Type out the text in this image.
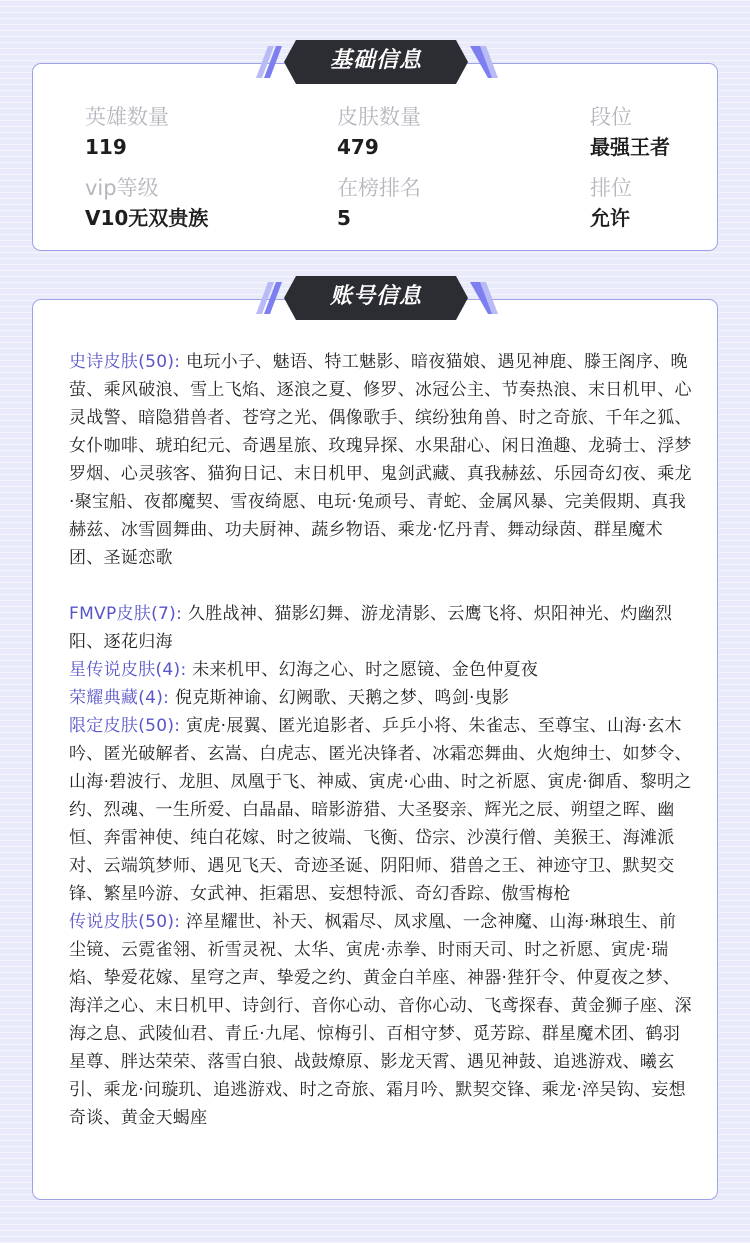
英雄数量
119
皮肤数量
479
段位
最强王者
vip等级
V10无双贵族
在榜排名
5
排位
允许
基础信息
史诗皮肤(50): 电玩小子、魅语、特工魅影、暗夜猫娘、遇见神鹿、滕王阁序、晚萤、乘风破浪、雪上飞焰、逐浪之夏、修罗、冰冠公主、节奏热浪、末日机甲、心灵战警、暗隐猎兽者、苍穹之光、偶像歌手、缤纷独角兽、时之奇旅、千年之狐、女仆咖啡、琥珀纪元、奇遇星旅、玫瑰异探、水果甜心、闲日渔趣、龙骑士、浮梦罗烟、心灵骇客、猫狗日记、末日机甲、鬼剑武藏、真我赫兹、乐园奇幻夜、乘龙·聚宝船、夜都魔契、雪夜绮愿、电玩·兔顽号、青蛇、金属风暴、完美假期、真我赫兹、冰雪圆舞曲、功夫厨神、蔬乡物语、乘龙·忆丹青、舞动绿茵、群星魔术团、圣诞恋歌
FMVP皮肤(7): 久胜战神、猫影幻舞、游龙清影、云鹰飞将、炽阳神光、灼幽烈阳、逐花归海
星传说皮肤(4): 未来机甲、幻海之心、时之愿镜、金色仲夏夜
荣耀典藏(4): 倪克斯神谕、幻阙歌、天鹅之梦、鸣剑·曳影
限定皮肤(50): 寅虎·展翼、匿光追影者、乒乒小将、朱雀志、至尊宝、山海·玄木吟、匿光破解者、玄嵩、白虎志、匿光决锋者、冰霜恋舞曲、火炮绅士、如梦令、山海·碧波行、龙胆、凤凰于飞、神威、寅虎·心曲、时之祈愿、寅虎·御盾、黎明之约、烈魂、一生所爱、白晶晶、暗影游猎、大圣娶亲、辉光之辰、朔望之晖、幽恒、奔雷神使、纯白花嫁、时之彼端、飞衡、岱宗、沙漠行僧、美猴王、海滩派对、云端筑梦师、遇见飞天、奇迹圣诞、阴阳师、猎兽之王、神迹守卫、默契交锋、繁星吟游、女武神、拒霜思、妄想特派、奇幻香踪、傲雪梅枪
传说皮肤(50): 淬星耀世、补天、枫霜尽、凤求凰、一念神魔、山海·琳琅生、前尘镜、云霓雀翎、祈雪灵祝、太华、寅虎·赤拳、时雨天司、时之祈愿、寅虎·瑞焰、挚爱花嫁、星穹之声、挚爱之约、黄金白羊座、神器·狴犴令、仲夏夜之梦、海洋之心、末日机甲、诗剑行、音你心动、音你心动、飞鸢探春、黄金狮子座、深海之息、武陵仙君、青丘·九尾、惊梅引、百相守梦、觅芳踪、群星魔术团、鹤羽星尊、胖达荣荣、落雪白狼、战鼓燎原、影龙天霄、遇见神鼓、追逃游戏、曦玄引、乘龙·问璇玑、追逃游戏、时之奇旅、霜月吟、默契交锋、乘龙·淬吴钩、妄想奇谈、黄金天蝎座
账号信息
